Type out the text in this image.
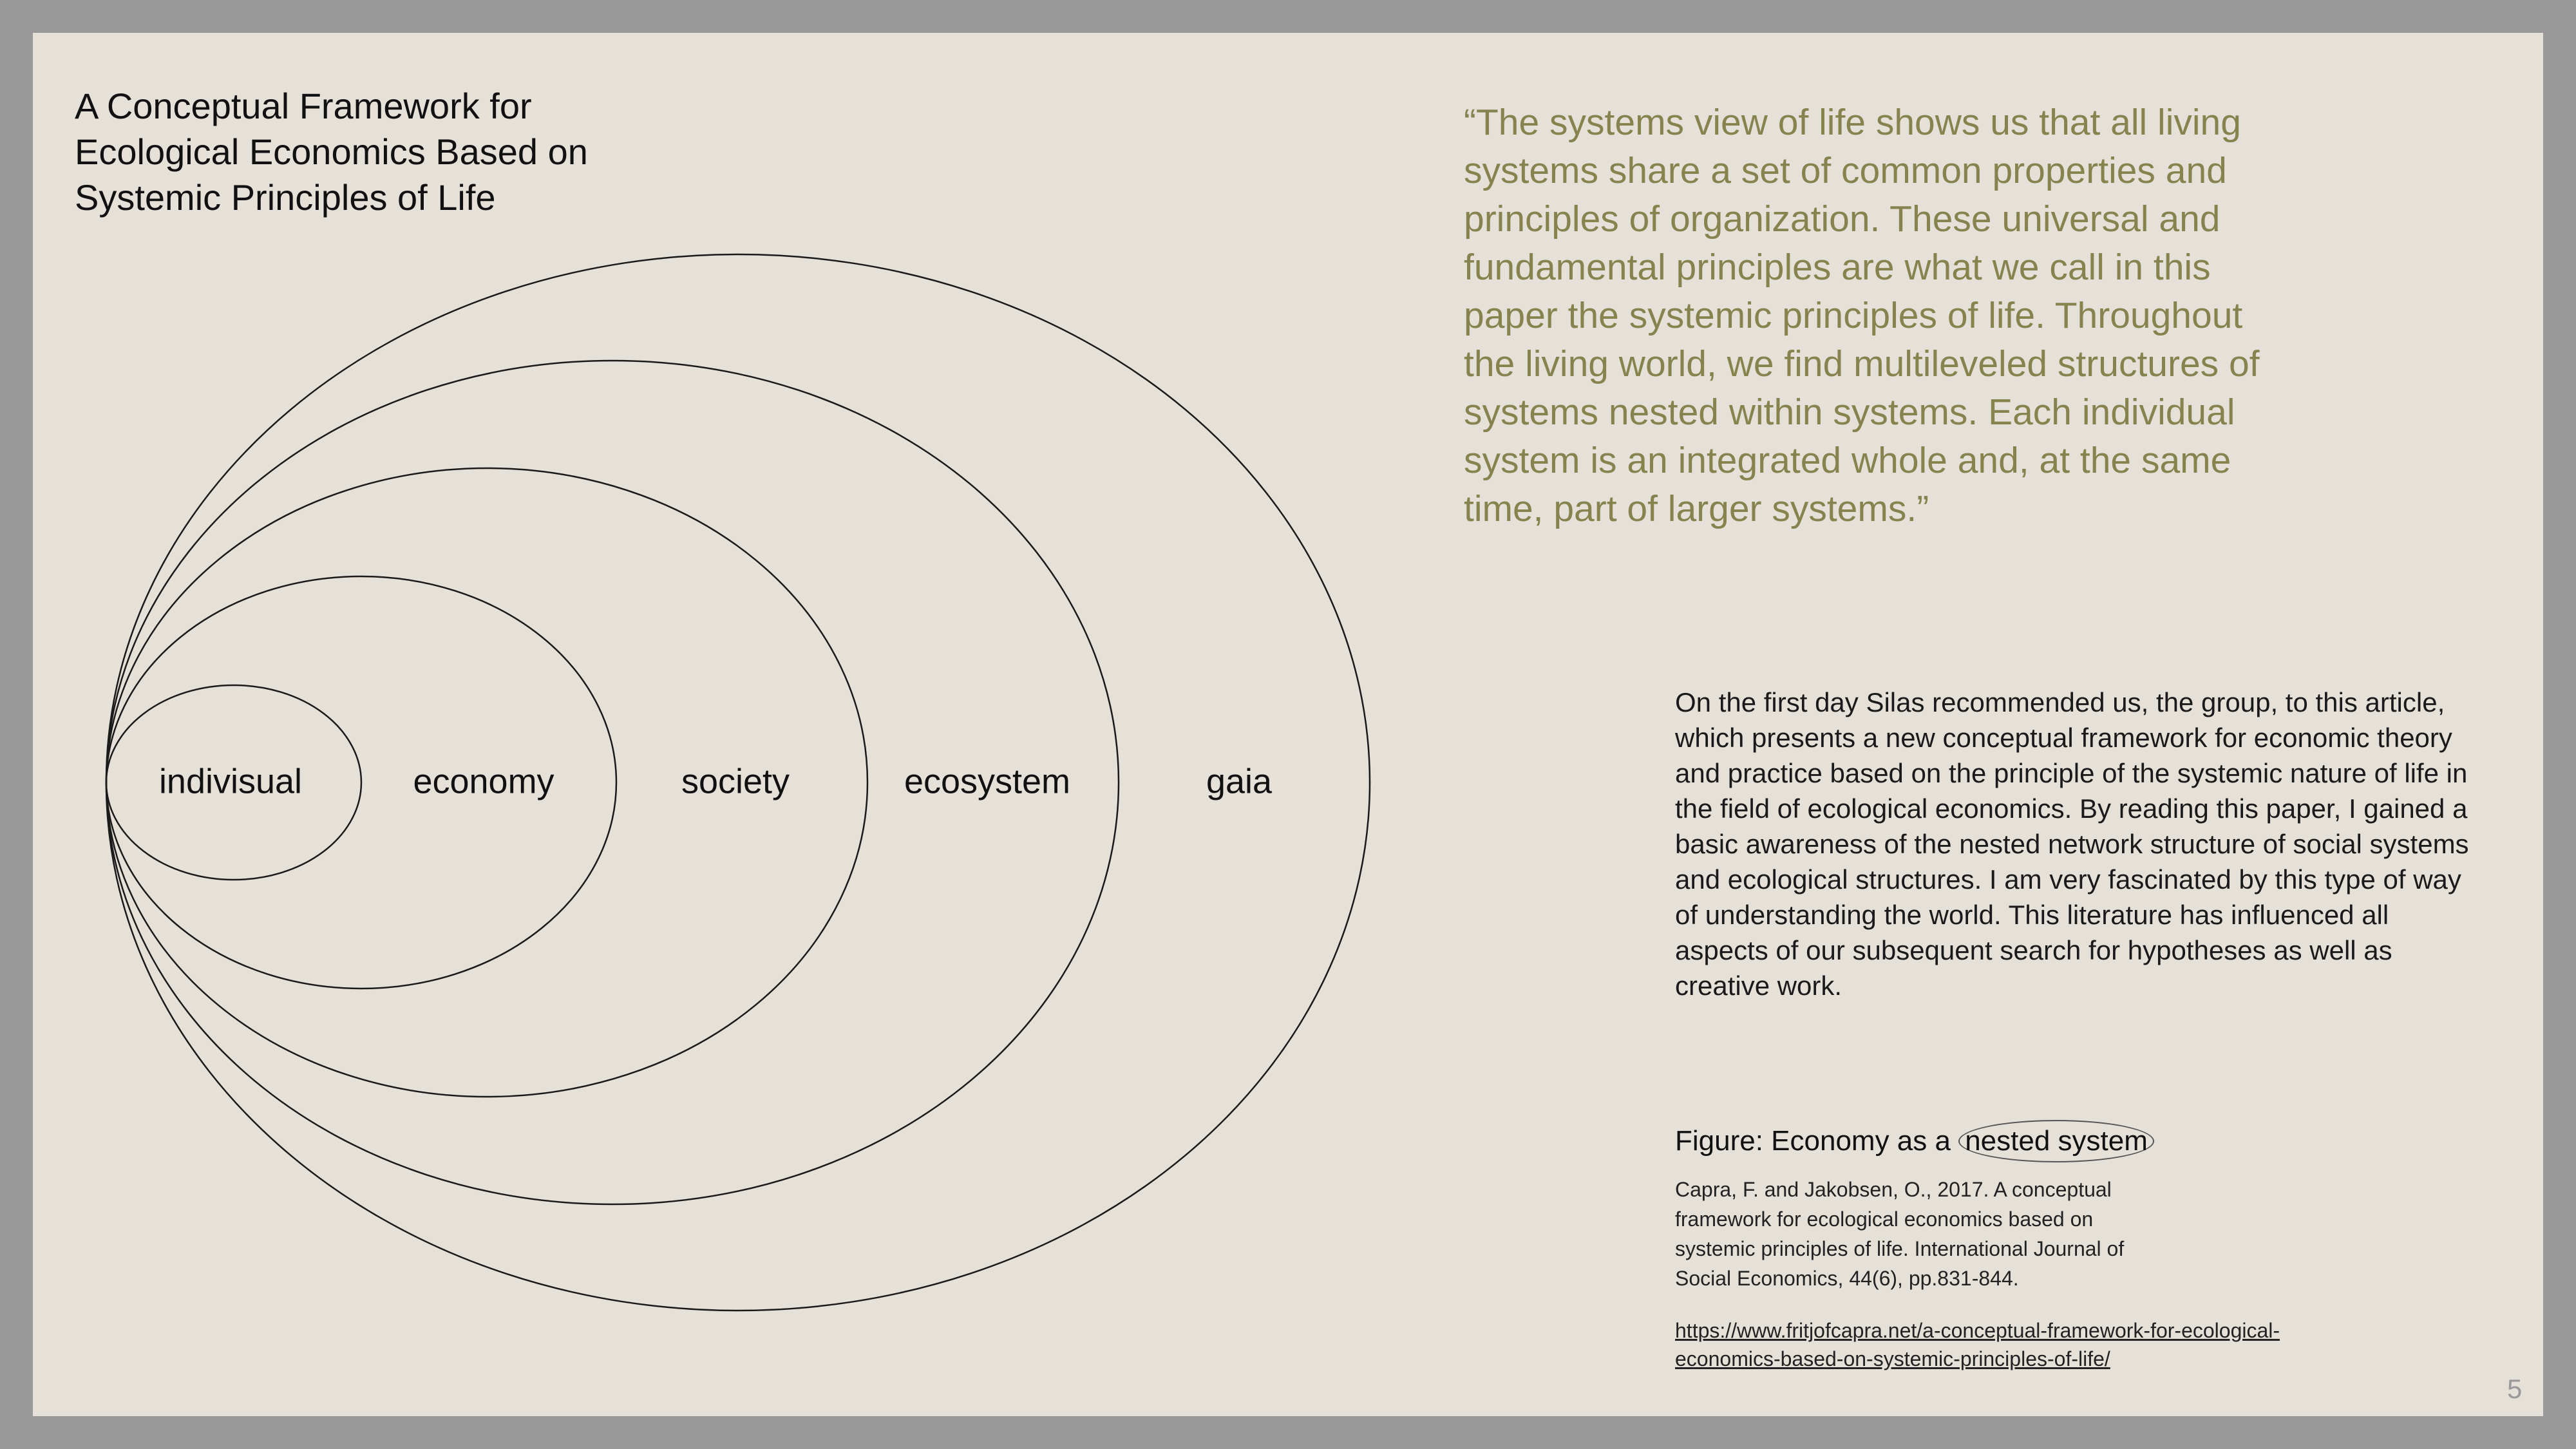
A Conceptual Framework for Ecological Economics Based on Systemic Principles of Life
indivisual	economy	society	ecosystem	gaia

“The systems view of life shows us that all living systems share a set of common properties and principles of organization. These universal and fundamental principles are what we call in this paper the systemic principles of life. Throughout the living world, we find multileveled structures of systems nested within systems. Each individual system is an integrated whole and, at the same time, part of larger systems.”

On the first day Silas recommended us, the group, to this article, which presents a new conceptual framework for economic theory and practice based on the principle of the systemic nature of life in the field of ecological economics. By reading this paper, I gained a basic awareness of the nested network structure of social systems and ecological structures. I am very fascinated by this type of way of understanding the world. This literature has influenced all aspects of our subsequent search for hypotheses as well as creative work.

Figure: Economy as a nested system

Capra, F. and Jakobsen, O., 2017. A conceptual framework for ecological economics based on systemic principles of life. International Journal of Social Economics, 44(6), pp.831-844.

https://www.fritjofcapra.net/a-conceptual-framework-for-ecological-economics-based-on-systemic-principles-of-life/

5
